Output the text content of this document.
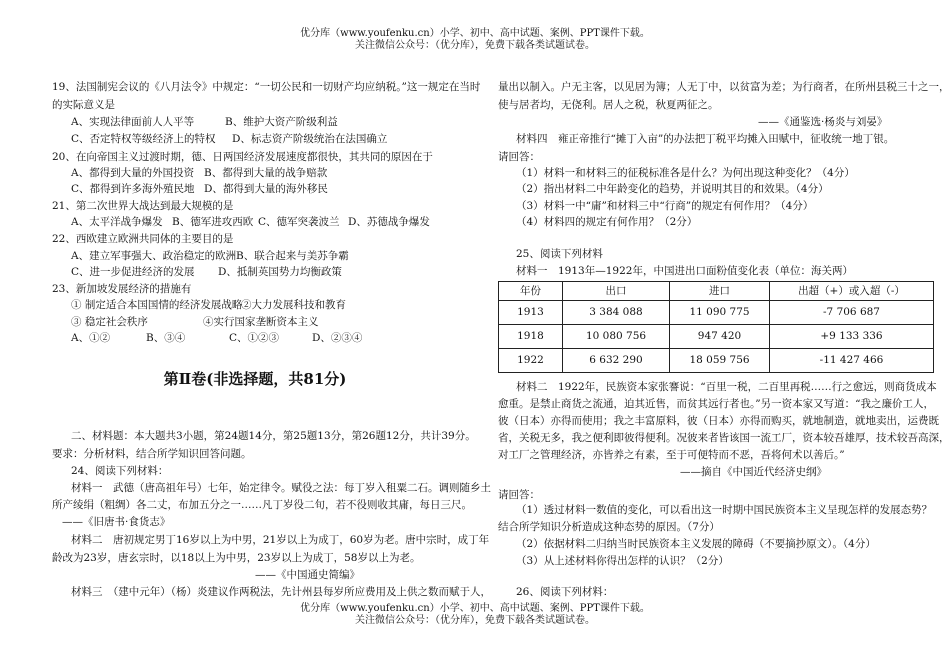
优分库（www.youfenku.cn）小学、初中、高中试题、案例、PPT课件下载。
关注微信公众号：（优分库），免费下载各类试题试卷。
19、法国制宪会议的《八月法令》中规定：“一切公民和一切财产均应纳税。”这一规定在当时
的实际意义是
A、实现法律面前人人平等	B、维护大资产阶级利益
C、否定特权等级经济上的特权 D、标志资产阶级统治在法国确立
20、在向帝国主义过渡时期，德、日两国经济发展速度都很快，其共同的原因在于
A、都得到大量的外国投资 B、都得到大量的战争赔款
C、都得到许多海外殖民地 D、都得到大量的海外移民
21、第二次世界大战达到最大规模的是
A、太平洋战争爆发 B、德军进攻西欧 C、德军突袭波兰 D、苏德战争爆发
22、西欧建立欧洲共同体的主要目的是
A、建立军事强大、政治稳定的欧洲 B、联合起来与美苏争霸
C、进一步促进经济的发展 D、抵制英国势力均衡政策
23、新加坡发展经济的措施有
① 制定适合本国国情的经济发展战略
②大力发展科技和教育
③ 稳定社会秩序	④实行国家垄断资本主义
A、①②	B、③④	C、①②③	D、②③④
第Ⅱ卷(非选择题，共81分)
二、材料题：本大题共3小题，第24题14分，第25题13分，第26题12分，共计39分。
要求：分析材料，结合所学知识回答问题。
24、阅读下列材料：
材料一　武德（唐高祖年号）七年，始定律令。赋役之法：每丁岁入租粟二石。调则随乡土
所产绫绢（粗绸）各二丈，布加五分之一……凡丁岁役二旬，若不役则收其庸，每日三尺。
——《旧唐书·食货志》
材料二　唐初规定男丁16岁以上为中男，21岁以上为成丁，60岁为老。唐中宗时，成丁年
龄改为23岁，唐玄宗时，以18以上为中男，23岁以上为成丁，58岁以上为老。
——《中国通史简编》
材料三　（建中元年）（杨）炎建议作两税法，先计州县每岁所应费用及上供之数而赋于人，
量出以制入。户无主客，以见居为簿；人无丁中，以贫富为差；为行商者，在所州县税三十之一，
使与居者均，无侥利。居人之税，秋夏两征之。
——《通鉴选·杨炎与刘晏》
材料四　雍正帝推行“摊丁入亩”的办法把丁税平均摊入田赋中，征收统一地丁银。
请回答：
（1）材料一和材料三的征税标准各是什么？为何出现这种变化？（4分）
（2）指出材料二中年龄变化的趋势，并说明其目的和效果。（4分）
（3）材料一中“庸”和材料三中“行商”的规定有何作用？（4分）
（4）材料四的规定有何作用？（2分）
25、阅读下列材料
材料一　1913年—1922年，中国进出口面粉值变化表（单位：海关两）
年份	出口	进口	出超（+）或入超（-）
1913	3 384 088	11 090 775	-7 706 687
1918	10 080 756	947 420	+9 133 336
1922	6 632 290	18 059 756	-11 427 466
材料二　1922年，民族资本家张謇说：“百里一税，二百里再税……行之愈远，则商货成本
愈重。是禁止商货之流通，迫其近售，而贫其远行者也。”另一资本家又写道：“我之廉价工人，
彼（日本）亦得而使用；我之丰富原料，彼（日本）亦得而购买，就地制造，就地卖出，运费既
省，关税无多，我之便利即彼得便利。况彼来者皆该国一流工厂，资本较吾雄厚，技术较吾高深，
对工厂之管理经济，亦皆养之有素，至于可便特而不恶，吾将何术以善后。”
——摘自《中国近代经济史纲》
请回答：
（1）透过材料一数值的变化，可以看出这一时期中国民族资本主义呈现怎样的发展态势？
结合所学知识分析造成这种态势的原因。（7分）
（2）依据材料二归纳当时民族资本主义发展的障碍（不要摘抄原文）。（4分）
（3）从上述材料你得出怎样的认识？（2分）
26、阅读下列材料：
优分库（www.youfenku.cn）小学、初中、高中试题、案例、PPT课件下载。
关注微信公众号：（优分库），免费下载各类试题试卷。
